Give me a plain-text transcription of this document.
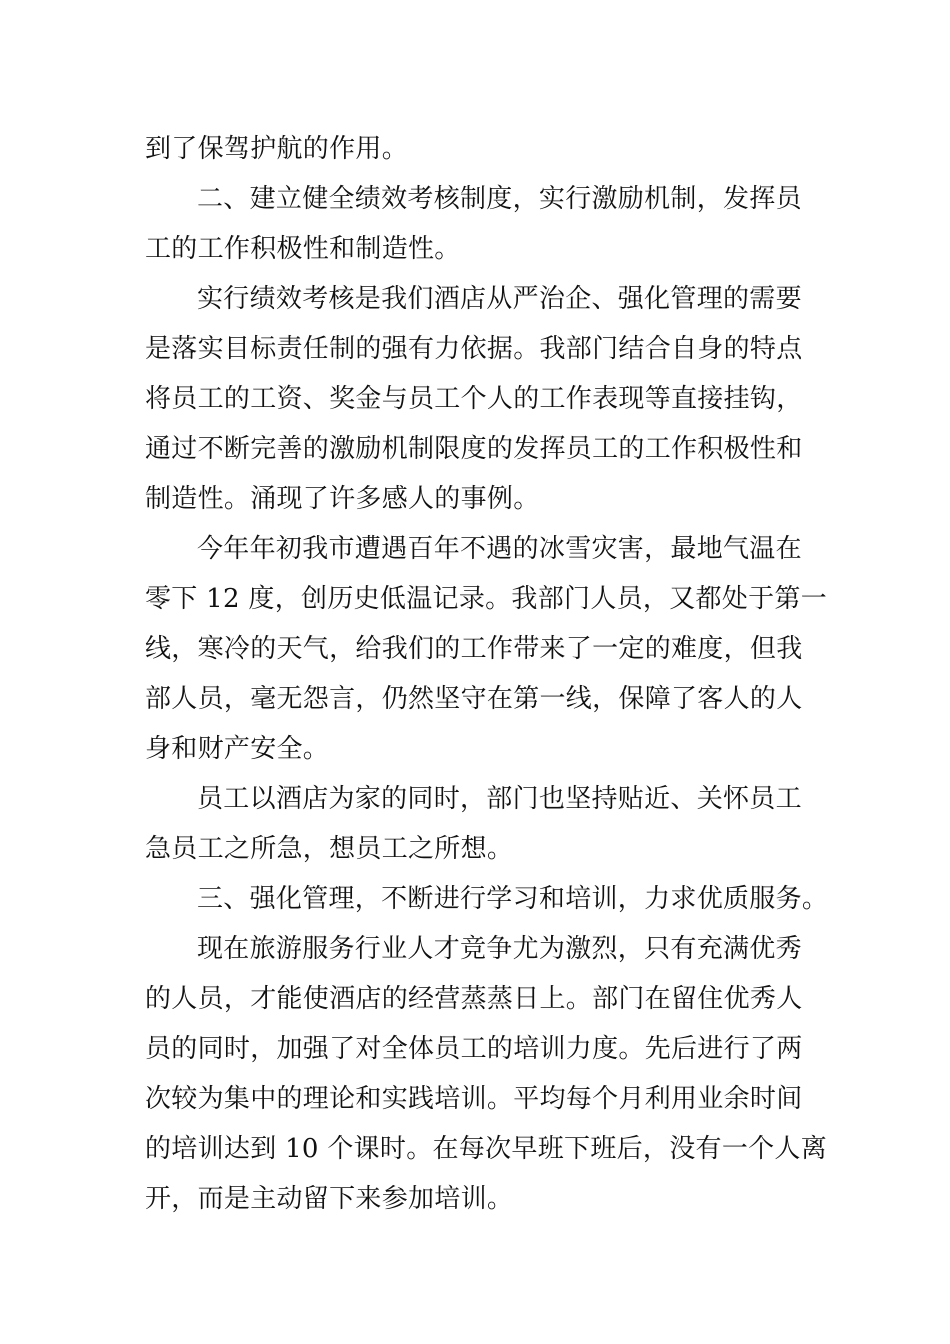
到了保驾护航的作用。
二、建立健全绩效考核制度，实行激励机制，发挥员
工的工作积极性和制造性。
实行绩效考核是我们酒店从严治企、强化管理的需要
是落实目标责任制的强有力依据。我部门结合自身的特点
将员工的工资、奖金与员工个人的工作表现等直接挂钩，
通过不断完善的激励机制限度的发挥员工的工作积极性和
制造性。涌现了许多感人的事例。
今年年初我市遭遇百年不遇的冰雪灾害，最地气温在
零下 12 度，创历史低温记录。我部门人员，又都处于第一
线，寒冷的天气，给我们的工作带来了一定的难度，但我
部人员，毫无怨言，仍然坚守在第一线，保障了客人的人
身和财产安全。
员工以酒店为家的同时，部门也坚持贴近、关怀员工
急员工之所急，想员工之所想。
三、强化管理，不断进行学习和培训，力求优质服务。
现在旅游服务行业人才竞争尤为激烈，只有充满优秀
的人员，才能使酒店的经营蒸蒸日上。部门在留住优秀人
员的同时，加强了对全体员工的培训力度。先后进行了两
次较为集中的理论和实践培训。平均每个月利用业余时间
的培训达到 10 个课时。在每次早班下班后，没有一个人离
开，而是主动留下来参加培训。
